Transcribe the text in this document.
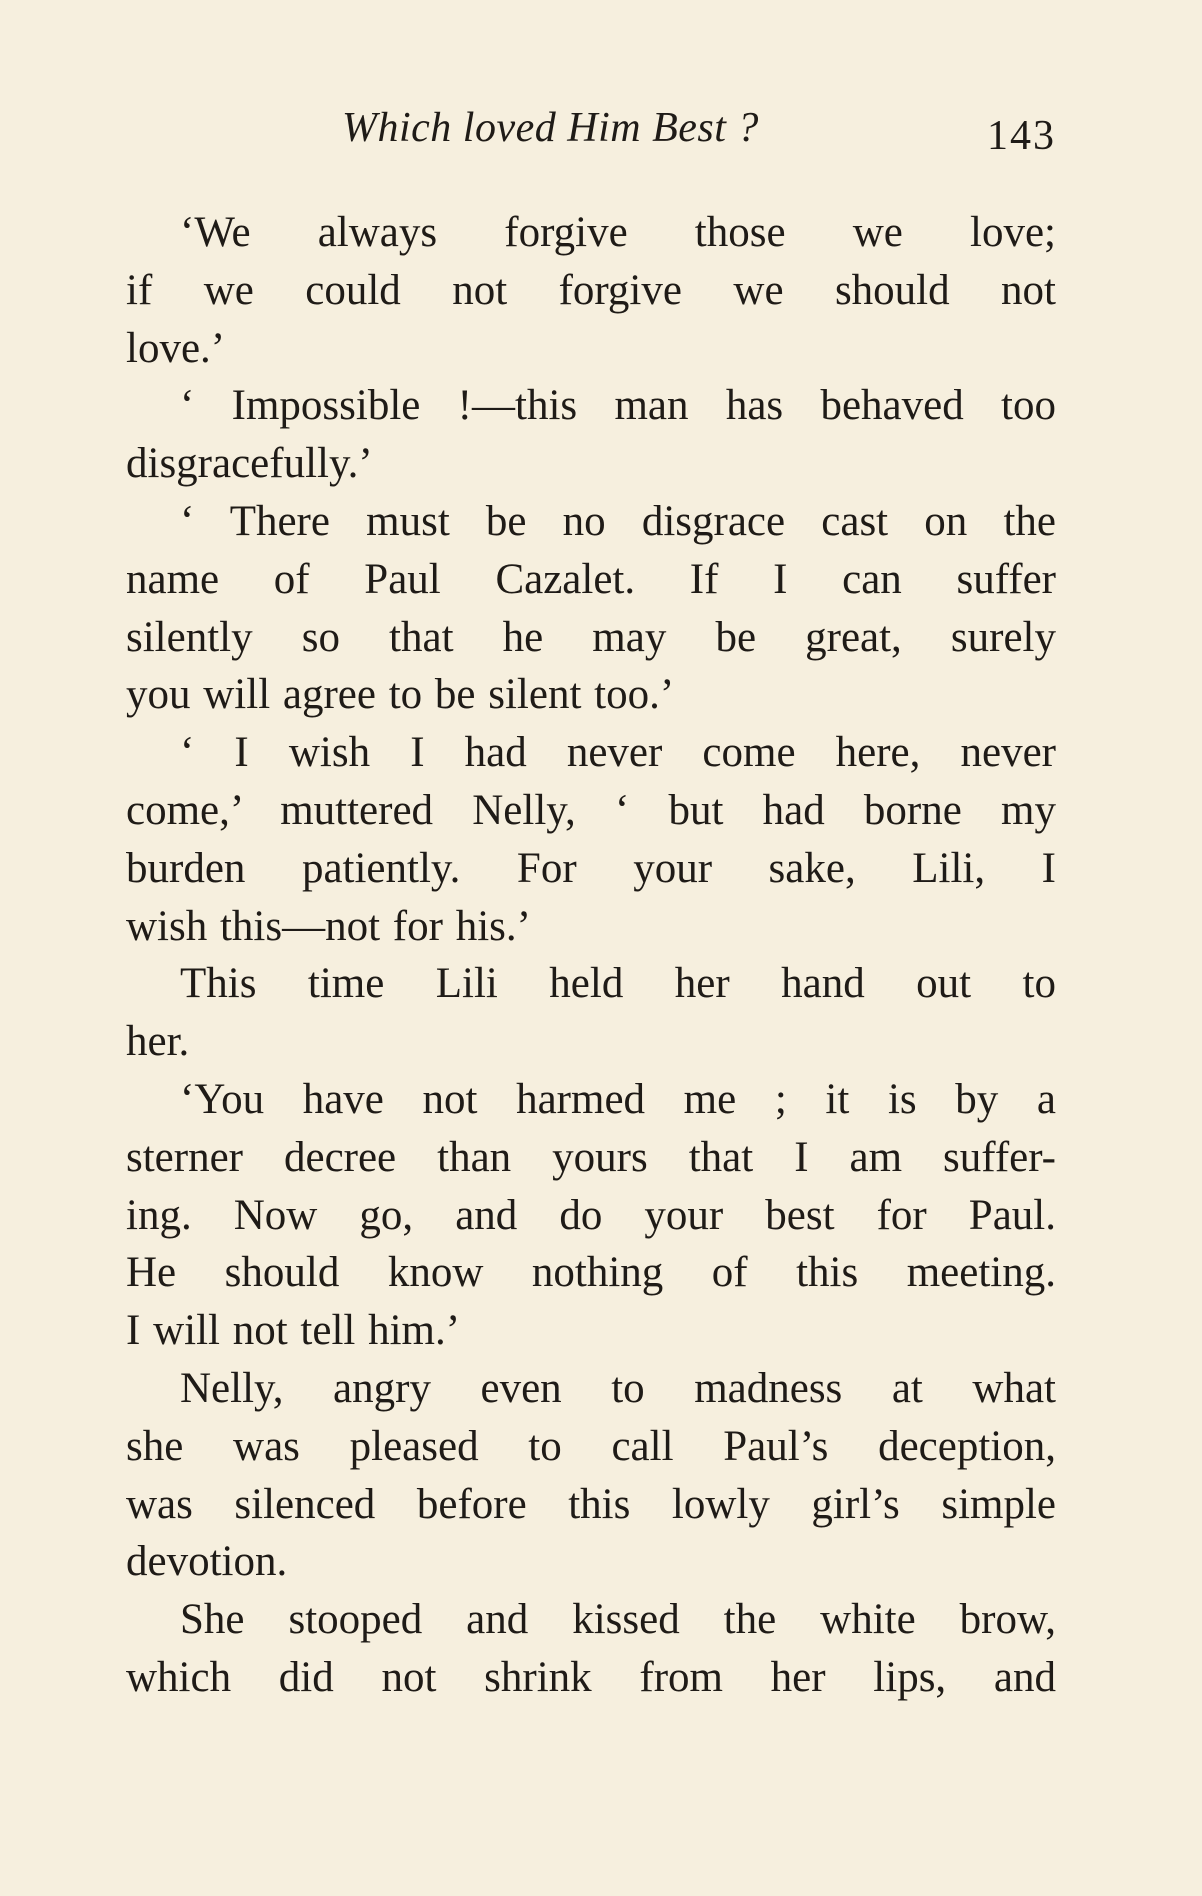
Which loved Him Best ?	143
‘We always forgive those we love;
if we could not forgive we should not
love.’
‘ Impossible !—this man has behaved too
disgracefully.’
‘ There must be no disgrace cast on the
name of Paul Cazalet. If I can suffer
silently so that he may be great, surely
you will agree to be silent too.’
‘ I wish I had never come here, never
come,’ muttered Nelly, ‘ but had borne my
burden patiently. For your sake, Lili, I
wish this—not for his.’
This time Lili held her hand out to
her.
‘You have not harmed me ; it is by a
sterner decree than yours that I am suffer-
ing. Now go, and do your best for Paul.
He should know nothing of this meeting.
I will not tell him.’
Nelly, angry even to madness at what
she was pleased to call Paul’s deception,
was silenced before this lowly girl’s simple
devotion.
She stooped and kissed the white brow,
which did not shrink from her lips, and
